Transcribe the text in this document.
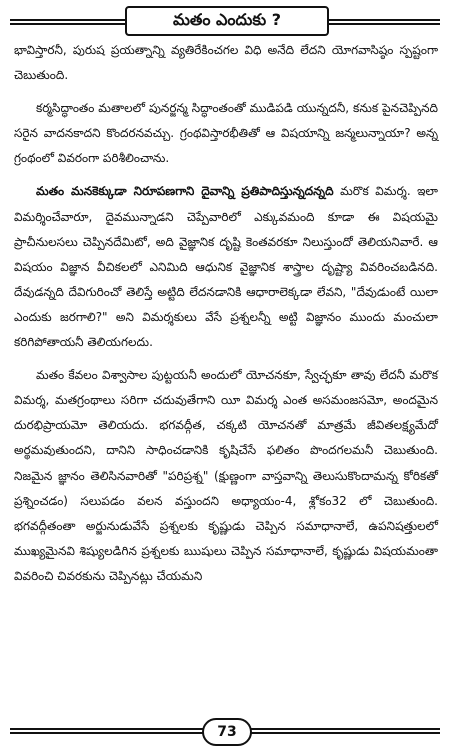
మతం ఎందుకు ?

భావిస్తారనీ, పురుష ప్రయత్నాన్ని వ్యతిరేకించగల విధి అనేది లేదని యోగవాసిష్ఠం స్పష్టంగా చెబుతుంది.

కర్మసిద్ధాంతం మతాలలో పునర్జన్మ సిద్ధాంతంతో ముడిపడి యున్నదనీ, కనుక పైనచెప్పినది సరైన వాదనకాదని కొందరనవచ్చు. గ్రంథవిస్తారభీతితో ఆ విషయాన్ని జన్మలున్నాయా? అన్న గ్రంథంలో వివరంగా పరిశీలించాను.

మతం మనకెక్కుడా నిరూపణగాని దైవాన్ని ప్రతిపాదిస్తున్నదన్నది మరొక విమర్శ. ఇలా విమర్శించేవారూ, దైవమున్నాడని చెప్పేవారిలో ఎక్కువమంది కూడా ఈ విషయమై ప్రాచీనులసలు చెప్పినదేమిటో, అది వైజ్ఞానిక దృష్టి కెంతవరకూ నిలుస్తుందో తెలియనివారే. ఆ విషయం విజ్ఞాన వీచికలలో ఎనిమిది ఆధునిక వైజ్ఞానిక శాస్త్రాల దృష్ట్యా వివరించబడినది. దేవుడన్నది దేవిగురించో తెలిస్తే అట్టిది లేదనడానికి ఆధారాలెక్కడా లేవని, "దేవుడుంటే యిలా ఎందుకు జరగాలి?" అని విమర్శకులు వేసే ప్రశ్నలన్నీ అట్టి విజ్ఞానం ముందు మంచులా కరిగిపోతాయనీ తెలియగలదు.

మతం కేవలం విశ్వాసాల పుట్టయనీ అందులో యోచనకూ, స్వేచ్ఛకూ తావు లేదనీ మరొక విమర్శ, మతగ్రంథాలు సరిగా చదువుతేగాని యీ విమర్శ ఎంత అసమంజసమో, అందమైన దురభిప్రాయమో తెలియదు. భగవద్గీత, చక్కటి యోచనతో మాత్రమే జీవితలక్ష్యమేదో అర్థమవుతుందని, దానిని సాధించడానికి కృషిచేసే ఫలితం పొందగలమనీ చెబుతుంది. నిజమైన జ్ఞానం తెలిసినవారితో "పరిప్రశ్న" (క్షుణ్ణంగా వాస్తవాన్ని తెలుసుకొందామన్న కోరికతో ప్రశ్నించడం) సలుపడం వలన వస్తుందని అధ్యాయం-4, శ్లోకం32 లో చెబుతుంది. భగవద్గీతంతా అర్జునుడువేసే ప్రశ్నలకు కృష్ణుడు చెప్పిన సమాధానాలే, ఉపనిషత్తులలో ముఖ్యమైనవి శిష్యులడిగిన ప్రశ్నలకు ఋషులు చెప్పిన సమాధానాలే, కృష్ణుడు విషయమంతా వివరించి చివరకును చెప్పినట్లు చేయమని

73
